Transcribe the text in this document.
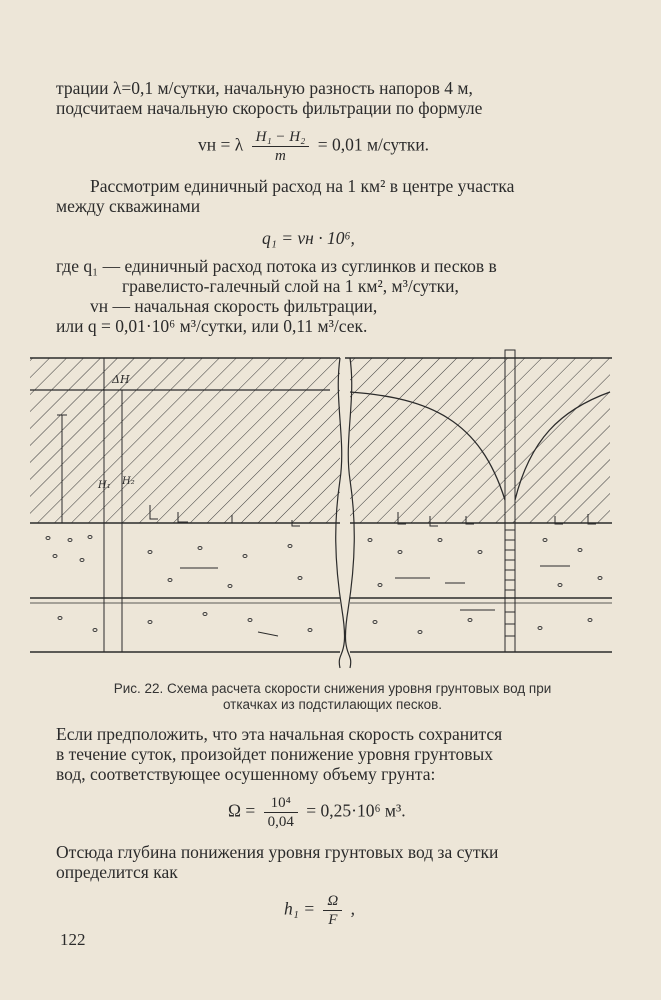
трации λ=0,1 м/сутки, начальную разность напоров 4 м,
подсчитаем начальную скорость фильтрации по формуле
vн = λ $\frac{\text{H₁ − H₂}}{m} = 0,01$ м/сутки.
Рассмотрим единичный расход на 1 км² в центре участка
между скважинами
q₁ = vн · 10⁶,
где q₁ — единичный расход потока из суглинков и песков в
гравелисто-галечный слой на 1 км², м³/сутки,
vн — начальная скорость фильтрации,
или q = 0,01·10⁶ м³/сутки, или 0,11 м³/сек.
ΔH
H₁ H₂
Рис. 22. Схема расчета скорости снижения уровня грунтовых вод при
откачках из подстилающих песков.
Если предположить, что эта начальная скорость сохранится
в течение суток, произойдет понижение уровня грунтовых
вод, соответствующее осушенному объему грунта:
$\Omega = \frac{\text{10⁴}}{0,04} = 0,25\cdot 10^6$ м³.
Отсюда глубина понижения уровня грунтовых вод за сутки
определится как
$h_1 = \frac{\Omega}{F}$ ,
122
